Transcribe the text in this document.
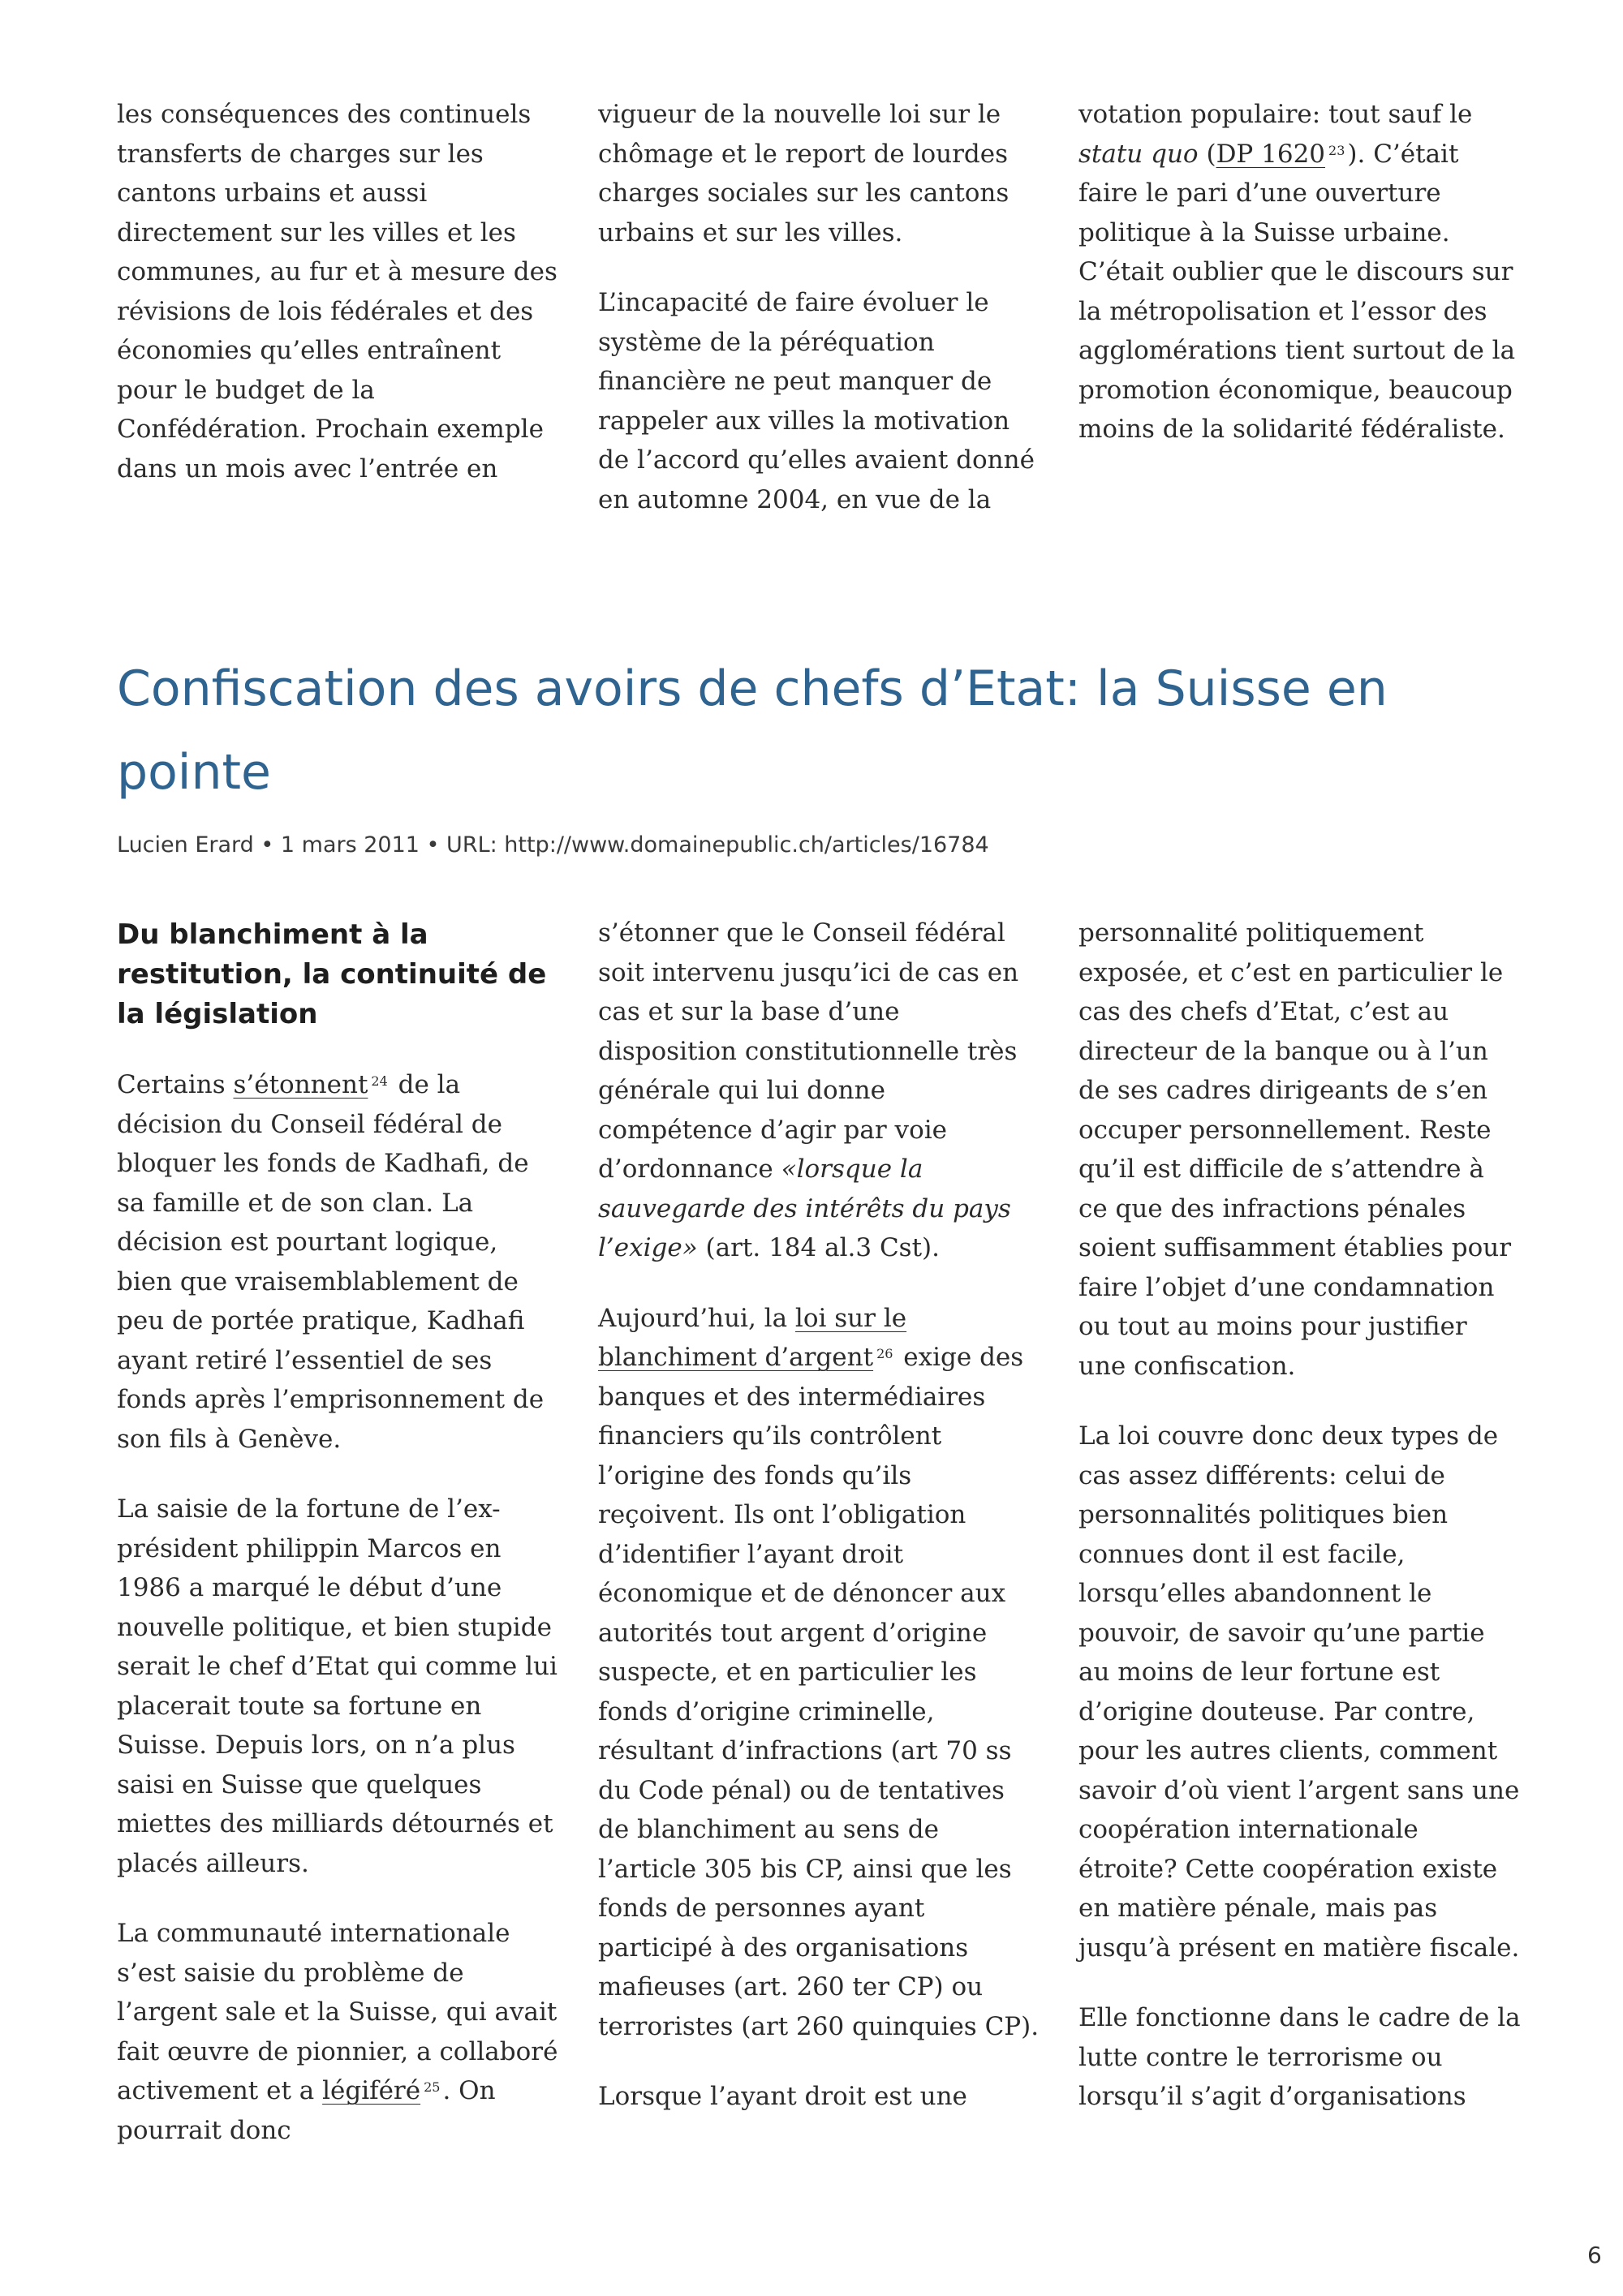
les conséquences des continuels transferts de charges sur les cantons urbains et aussi directement sur les villes et les communes, au fur et à mesure des révisions de lois fédérales et des économies qu’elles entraînent pour le budget de la Confédération. Prochain exemple dans un mois avec l’entrée en

vigueur de la nouvelle loi sur le chômage et le report de lourdes charges sociales sur les cantons urbains et sur les villes.

L’incapacité de faire évoluer le système de la péréquation financière ne peut manquer de rappeler aux villes la motivation de l’accord qu’elles avaient donné en automne 2004, en vue de la

votation populaire: tout sauf le statu quo (DP 1620 $^{23}$). C’était faire le pari d’une ouverture politique à la Suisse urbaine. C’était oublier que le discours sur la métropolisation et l’essor des agglomérations tient surtout de la promotion économique, beaucoup moins de la solidarité fédéraliste.

Confiscation des avoirs de chefs d’Etat: la Suisse en pointe
Lucien Erard • 1 mars 2011 • URL: http://www.domainepublic.ch/articles/16784
Du blanchiment à la restitution, la continuité de la législation

Certains s’étonnent $^{24}$ de la décision du Conseil fédéral de bloquer les fonds de Kadhafi, de sa famille et de son clan. La décision est pourtant logique, bien que vraisemblablement de peu de portée pratique, Kadhafi ayant retiré l’essentiel de ses fonds après l’emprisonnement de son fils à Genève.

La saisie de la fortune de l’ex-président philippin Marcos en 1986 a marqué le début d’une nouvelle politique, et bien stupide serait le chef d’Etat qui comme lui placerait toute sa fortune en Suisse. Depuis lors, on n’a plus saisi en Suisse que quelques miettes des milliards détournés et placés ailleurs.

La communauté internationale s’est saisie du problème de l’argent sale et la Suisse, qui avait fait œuvre de pionnier, a collaboré activement et a légiféré $^{25}$. On pourrait donc

s’étonner que le Conseil fédéral soit intervenu jusqu’ici de cas en cas et sur la base d’une disposition constitutionnelle très générale qui lui donne compétence d’agir par voie d’ordonnance «lorsque la sauvegarde des intérêts du pays l’exige» (art. 184 al.3 Cst).

Aujourd’hui, la loi sur le blanchiment d’argent $^{26}$ exige des banques et des intermédiaires financiers qu’ils contrôlent l’origine des fonds qu’ils reçoivent. Ils ont l’obligation d’identifier l’ayant droit économique et de dénoncer aux autorités tout argent d’origine suspecte, et en particulier les fonds d’origine criminelle, résultant d’infractions (art 70 ss du Code pénal) ou de tentatives de blanchiment au sens de l’article 305 bis CP, ainsi que les fonds de personnes ayant participé à des organisations mafieuses (art. 260 ter CP) ou terroristes (art 260 quinquies CP).

Lorsque l’ayant droit est une

personnalité politiquement exposée, et c’est en particulier le cas des chefs d’Etat, c’est au directeur de la banque ou à l’un de ses cadres dirigeants de s’en occuper personnellement. Reste qu’il est difficile de s’attendre à ce que des infractions pénales soient suffisamment établies pour faire l’objet d’une condamnation ou tout au moins pour justifier une confiscation.

La loi couvre donc deux types de cas assez différents: celui de personnalités politiques bien connues dont il est facile, lorsqu’elles abandonnent le pouvoir, de savoir qu’une partie au moins de leur fortune est d’origine douteuse. Par contre, pour les autres clients, comment savoir d’où vient l’argent sans une coopération internationale étroite? Cette coopération existe en matière pénale, mais pas jusqu’à présent en matière fiscale.

Elle fonctionne dans le cadre de la lutte contre le terrorisme ou lorsqu’il s’agit d’organisations

6
